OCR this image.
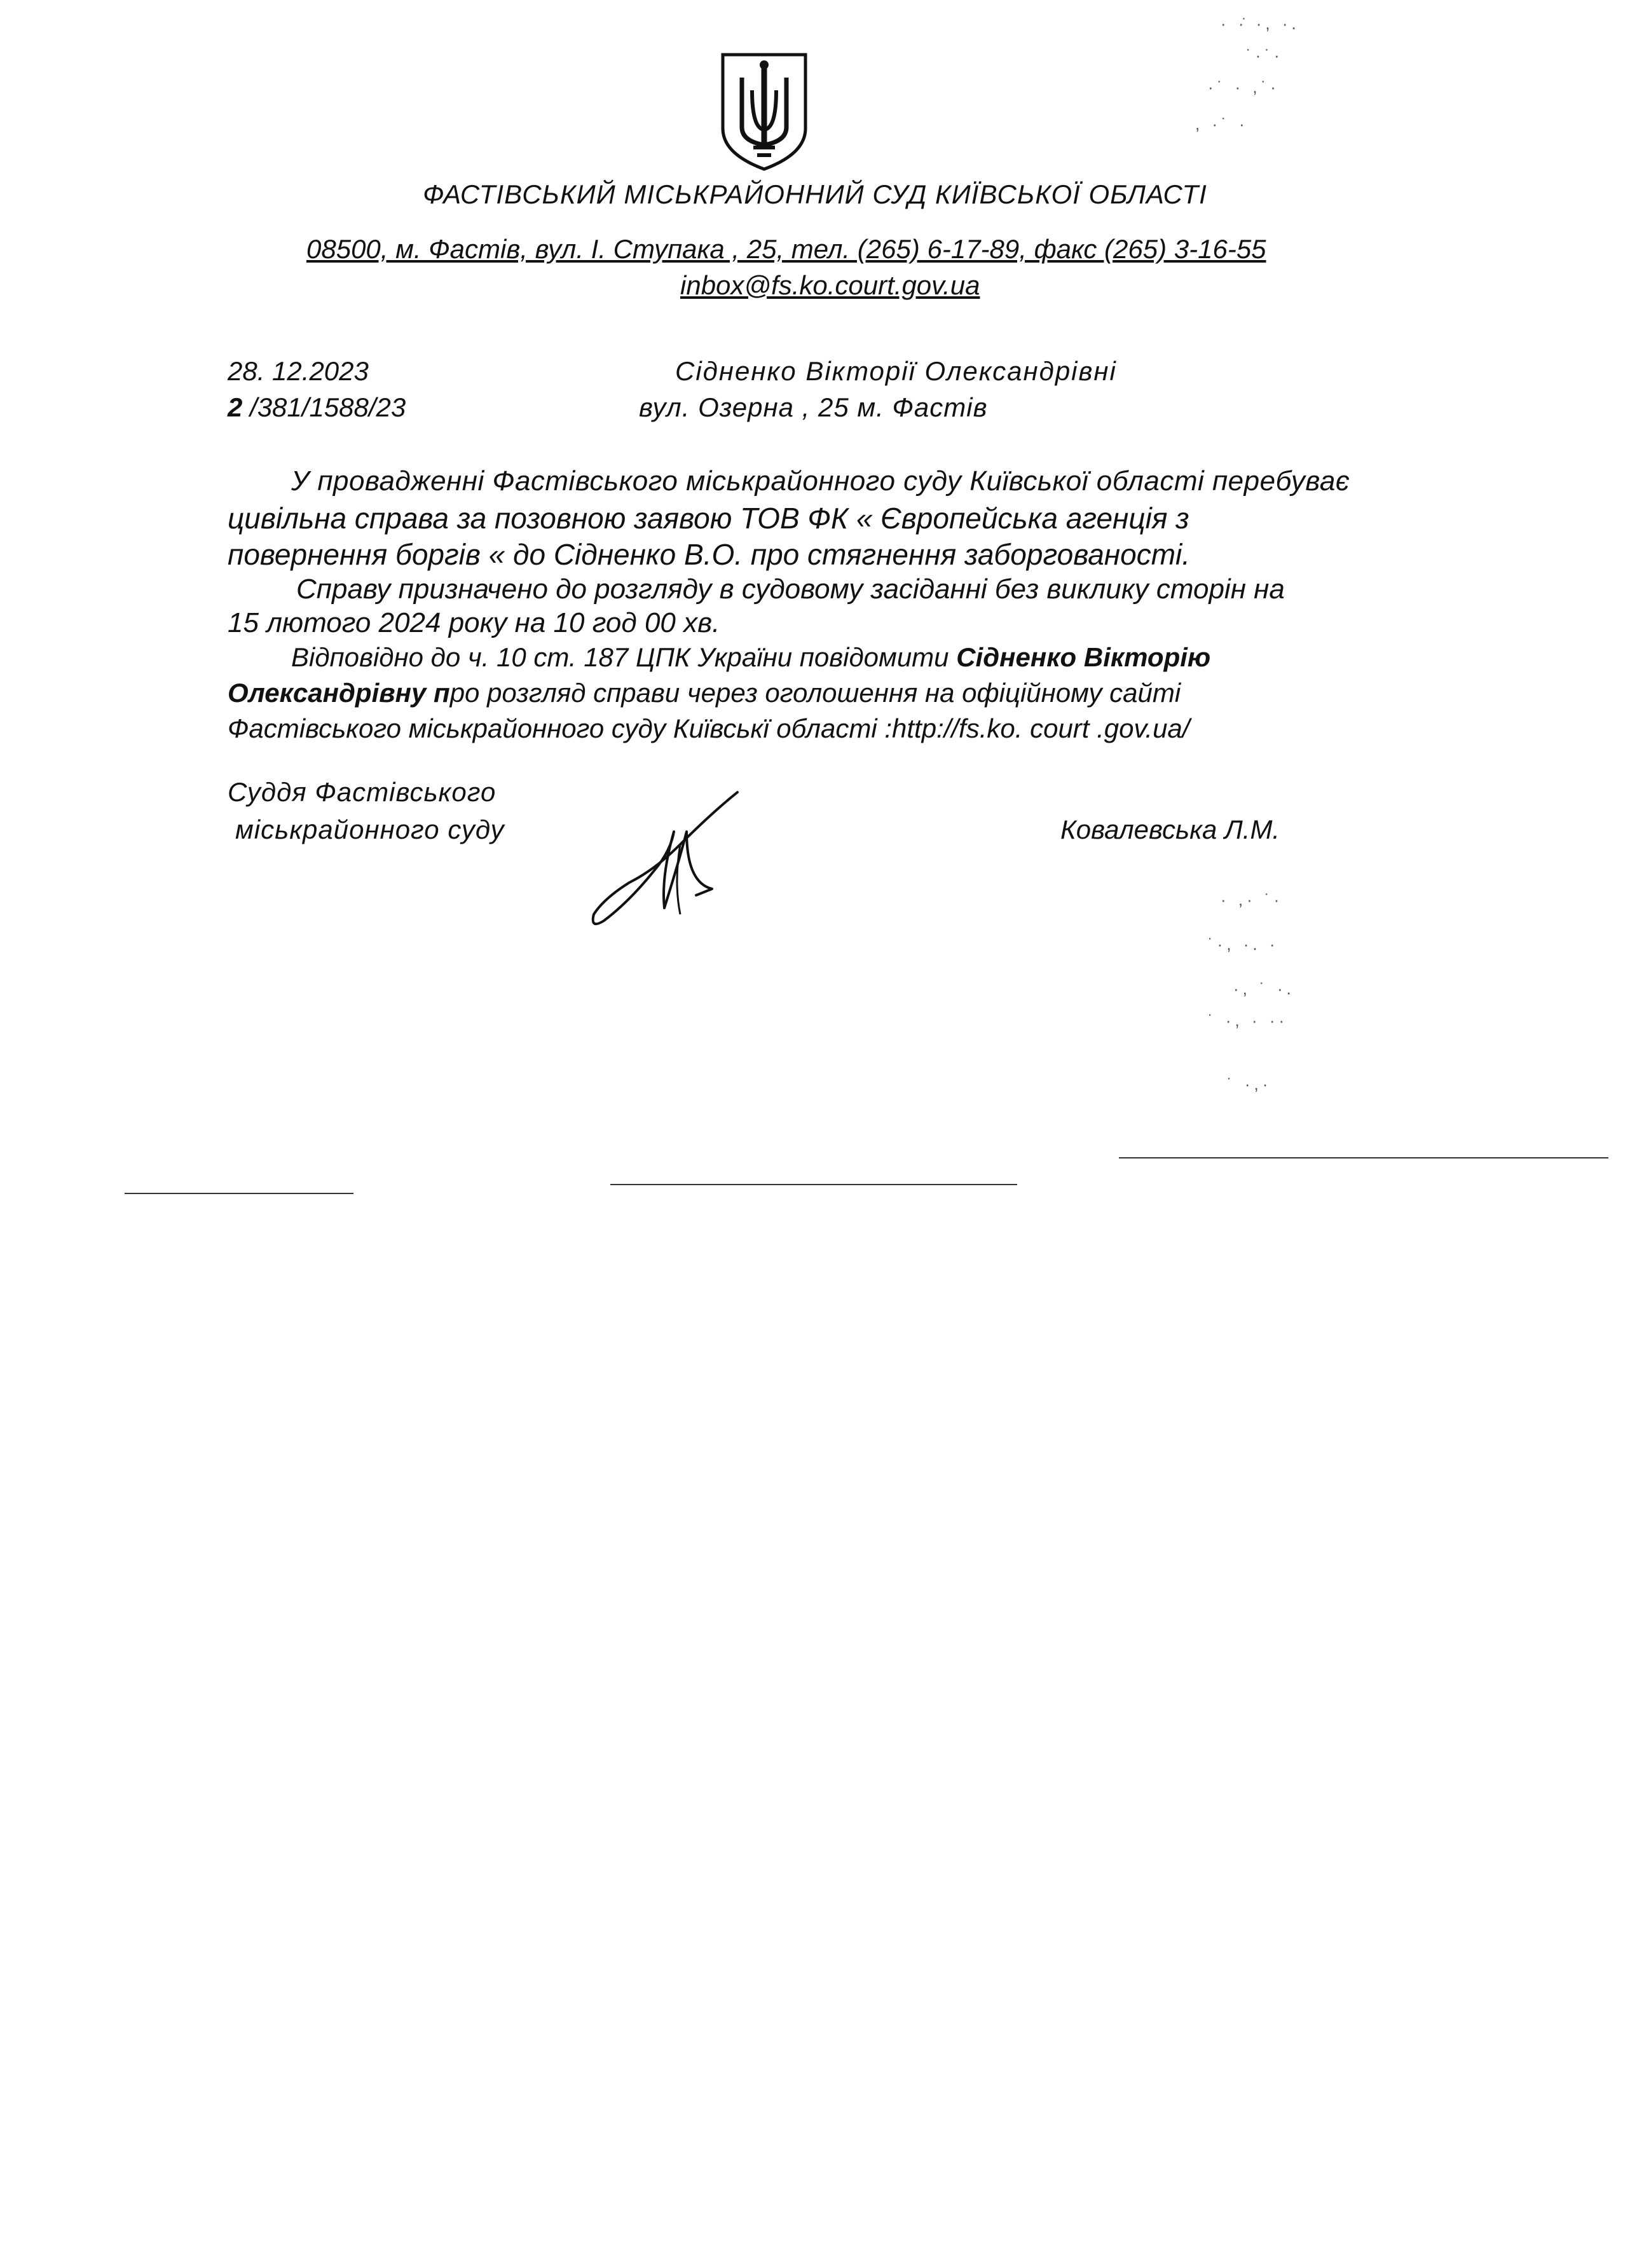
ФАСТІВСЬКИЙ МІСЬКРАЙОННИЙ СУД КИЇВСЬКОЇ ОБЛАСТІ
08500, м. Фастів, вул. І. Ступака , 25, тел. (265) 6-17-89, факс (265) 3-16-55
inbox@fs.ko.court.gov.ua
28. 12.2023
2 /381/1588/23
Сідненко Вікторії Олександрівні
вул. Озерна , 25 м. Фастів
У провадженні Фастівського міськрайонного суду Київської області перебуває
цивільна справа за позовною заявою ТОВ ФК « Європейська агенція з
повернення боргів « до Сідненко В.О. про стягнення заборгованості.
Справу призначено до розгляду в судовому засіданні без виклику сторін на
15 лютого 2024 року на 10 год 00 хв.
Відповідно до ч. 10 ст. 187 ЦПК України повідомити Сідненко Вікторію
Олександрівну про розгляд справи через оголошення на офіційному сайті
Фастівського міськрайонного суду Київськї області :http://fs.ko. court .gov.ua/
Суддя Фастівського
міськрайонного суду	Ковалевська Л.М.
· ·̇ ·, ·.
˙·˙·
·˙ · ,˙·
, ·˙ ·
· ,· ˙·
˙·, ·. ·
·, ˙ ·.
˙ ·, · ··
˙ ·,·
